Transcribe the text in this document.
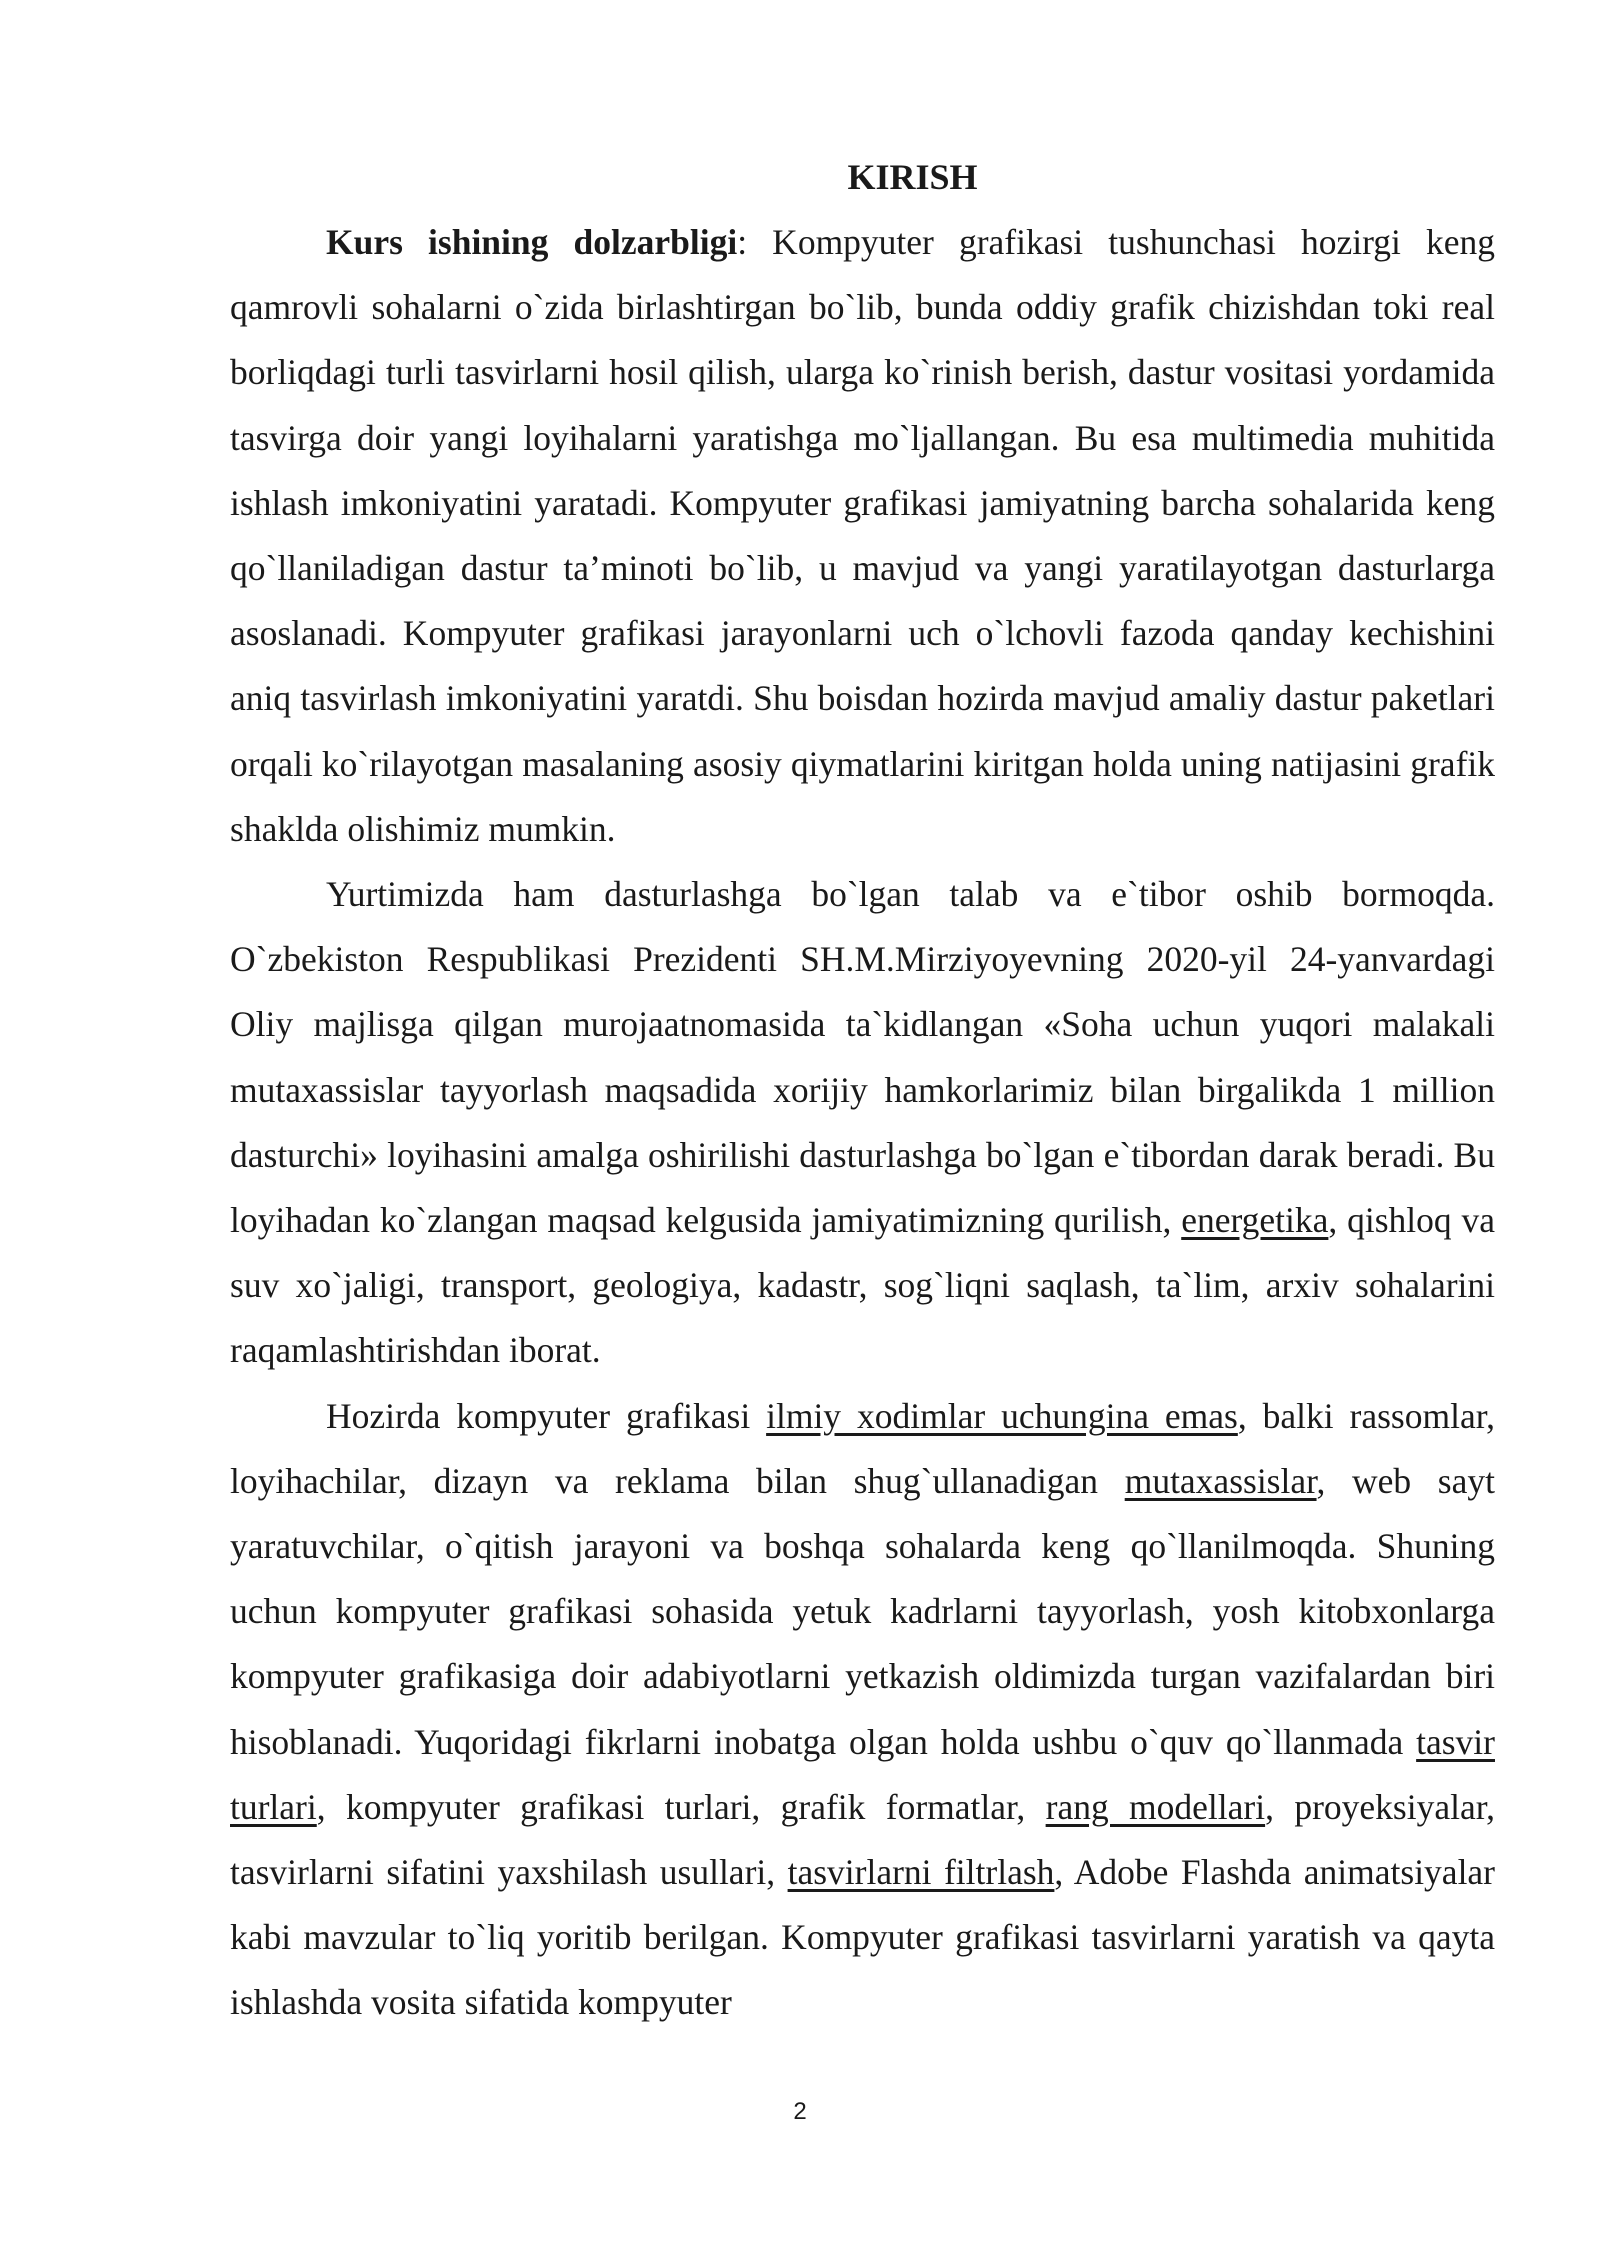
KIRISH

Kurs ishining dolzarbligi: Kompyuter grafikasi tushunchasi hozirgi keng qamrovli sohalarni o`zida birlashtirgan bo`lib, bunda oddiy grafik chizishdan toki real borliqdagi turli tasvirlarni hosil qilish, ularga ko`rinish berish, dastur vositasi yordamida tasvirga doir yangi loyihalarni yaratishga mo`ljallangan. Bu esa multimedia muhitida ishlash imkoniyatini yaratadi. Kompyuter grafikasi jamiyatning barcha sohalarida keng qo`llaniladigan dastur ta’minoti bo`lib, u mavjud va yangi yaratilayotgan dasturlarga asoslanadi. Kompyuter grafikasi jarayonlarni uch o`lchovli fazoda qanday kechishini aniq tasvirlash imkoniyatini yaratdi. Shu boisdan hozirda mavjud amaliy dastur paketlari orqali ko`rilayotgan masalaning asosiy qiymatlarini kiritgan holda uning natijasini grafik shaklda olishimiz mumkin.

Yurtimizda ham dasturlashga bo`lgan talab va e`tibor oshib bormoqda. O`zbekiston Respublikasi Prezidenti SH.M.Mirziyoyevning 2020-yil 24-yanvardagi Oliy majlisga qilgan murojaatnomasida ta`kidlangan «Soha uchun yuqori malakali mutaxassislar tayyorlash maqsadida xorijiy hamkorlarimiz bilan birgalikda 1 million dasturchi» loyihasini amalga oshirilishi dasturlashga bo`lgan e`tibordan darak beradi. Bu loyihadan ko`zlangan maqsad kelgusida jamiyatimizning qurilish, energetika, qishloq va suv xo`jaligi, transport, geologiya, kadastr, sog`liqni saqlash, ta`lim, arxiv sohalarini raqamlashtirishdan iborat.

Hozirda kompyuter grafikasi ilmiy xodimlar uchungina emas, balki rassomlar, loyihachilar, dizayn va reklama bilan shug`ullanadigan mutaxassislar, web sayt yaratuvchilar, o`qitish jarayoni va boshqa sohalarda keng qo`llanilmoqda. Shuning uchun kompyuter grafikasi sohasida yetuk kadrlarni tayyorlash, yosh kitobxonlarga kompyuter grafikasiga doir adabiyotlarni yetkazish oldimizda turgan vazifalardan biri hisoblanadi. Yuqoridagi fikrlarni inobatga olgan holda ushbu o`quv qo`llanmada tasvir turlari, kompyuter grafikasi turlari, grafik formatlar, rang modellari, proyeksiyalar, tasvirlarni sifatini yaxshilash usullari, tasvirlarni filtrlash, Adobe Flashda animatsiyalar kabi mavzular to`liq yoritib berilgan. Kompyuter grafikasi tasvirlarni yaratish va qayta ishlashda vosita sifatida kompyuter

2
